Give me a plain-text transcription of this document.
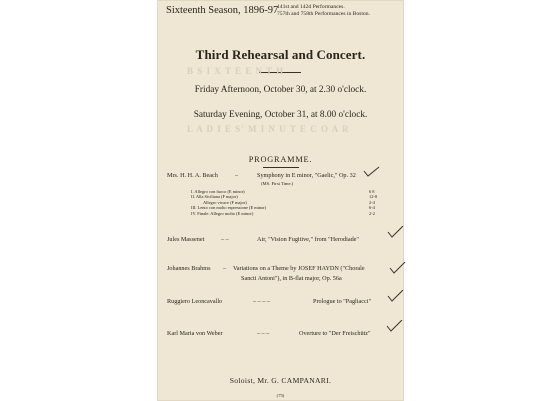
Sixteenth Season, 1896-97
141st and 142d Performances.
757th and 758th Performances in Boston.
Third Rehearsal and Concert.
B S I X T E E N T H
L A D I E S' M I N U T E C O A R
Friday Afternoon, October 30, at 2.30 o'clock.
Saturday Evening, October 31, at 8.00 o'clock.
PROGRAMME.
Mrs. H. H. A. Beach	–	Symphony in E minor, "Gaelic," Op. 32
(MS. First Time.)
I. Allegro con fuoco (E minor)	6 8
II. Alla Siciliana (F major)	12-8
Allegro vivace (F major)	2-4
III. Lento con molto espressione (E minor)	6-4
IV. Finale: Allegro molto (E minor)	2-2
Jules Massenet	– –	Air, "Vision Fugitive," from "Herodiade"
Johannes Brahms – Variations on a Theme by JOSEF HAYDN ("Chorale
Sancti Antoni"), in B-flat major, Op. 56a
Ruggiero Leoncavallo	– – – –	Prologue to "Pagliacci"
Karl Maria von Weber	– – –	Overture to "Der Freischütz"
Soloist, Mr. G. CAMPANARI.
(75)
